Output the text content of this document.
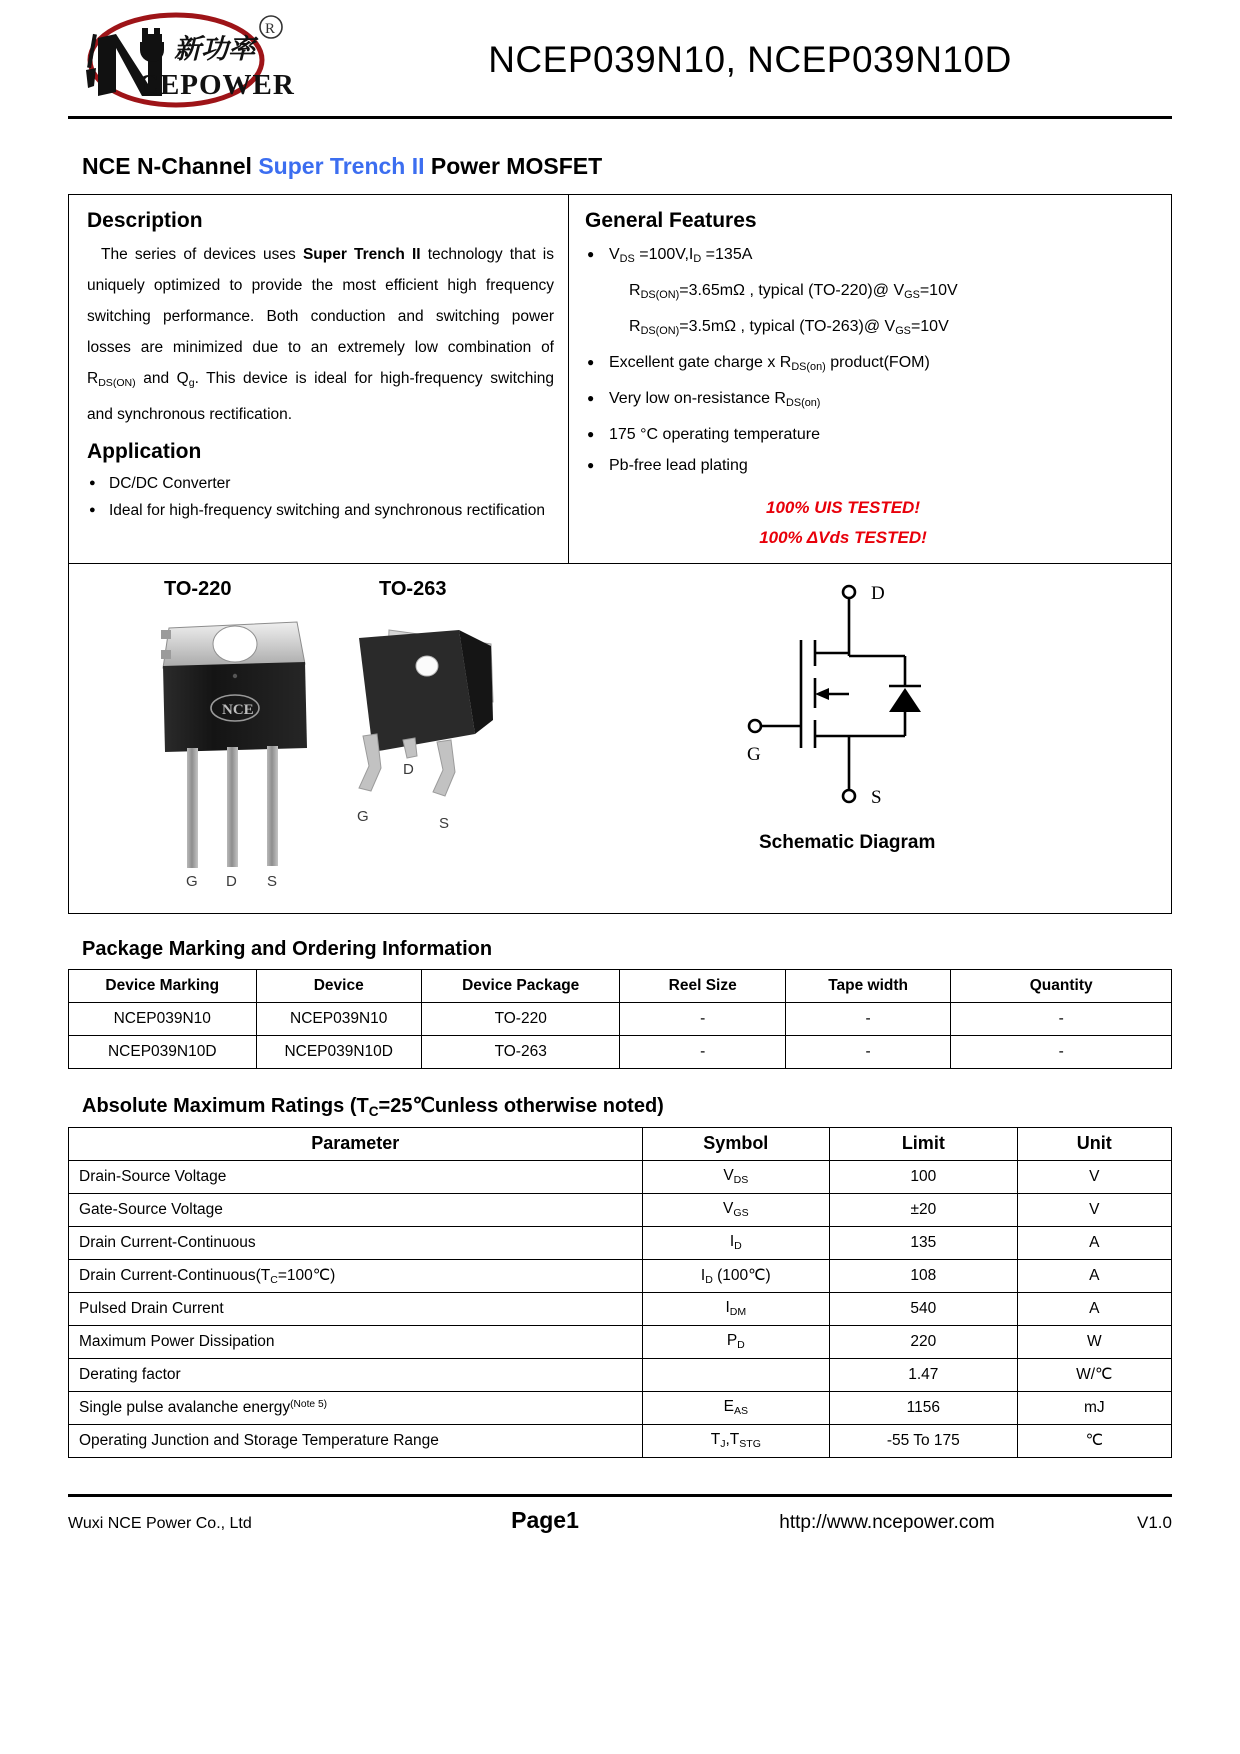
新功率
CEPOWER
R
NCEP039N10, NCEP039N10D
NCE N-Channel Super Trench II Power MOSFET
Description

The series of devices uses Super Trench II technology that is uniquely optimized to provide the most efficient high frequency switching performance. Both conduction and switching power losses are minimized due to an extremely low combination of $R_{DS(ON)}$ and $Q_g$. This device is ideal for high-frequency switching and synchronous rectification.

Application
● DC/DC Converter
● Ideal for high-frequency switching and synchronous rectification
General Features
● $V_{DS} =100V,I_D =135A$
$R_{DS(ON)}=3.65m\Omega$ , typical (TO-220)@ $V_{GS}=10V$
$R_{DS(ON)}=3.5m\Omega$ , typical (TO-263)@ $V_{GS}=10V$
● Excellent gate charge x $R_{DS(on)}$ product(FOM)
● Very low on-resistance $R_{DS(on)}$
● 175 °C operating temperature
● Pb-free lead plating
100% UIS TESTED!
100% ΔVds TESTED!
TO-220	TO-263
NCE
G D S
D
G	S
D
G
S
Schematic Diagram
Package Marking and Ordering Information
Device Marking	Device	Device Package	Reel Size	Tape width	Quantity
NCEP039N10	NCEP039N10	TO-220	-	-	-
NCEP039N10D	NCEP039N10D	TO-263	-	-	-
Absolute Maximum Ratings ($T_C=25℃unless$ otherwise noted)
Parameter	Symbol	Limit	Unit
Drain-Source Voltage	$V_{DS}$	100	V
Gate-Source Voltage	$V_{GS}$	±20	V
Drain Current-Continuous	$I_D$	135	A
Drain Current-$Continuous(T_C=100℃)$	$I_D$ (100℃)	108	A
Pulsed Drain Current	$I_{DM}$	540	A
Maximum Power Dissipation	$P_D$	220	W
Derating factor		1.47	W/℃
Single pulse avalanche energy$^{(Note 5)}$	$E_{AS}$	1156	mJ
Operating Junction and Storage Temperature Range	$T_J,T_{STG}$	-55 To 175	℃
Wuxi NCE Power Co., Ltd	Page1	http://www.ncepower.com	V1.0
